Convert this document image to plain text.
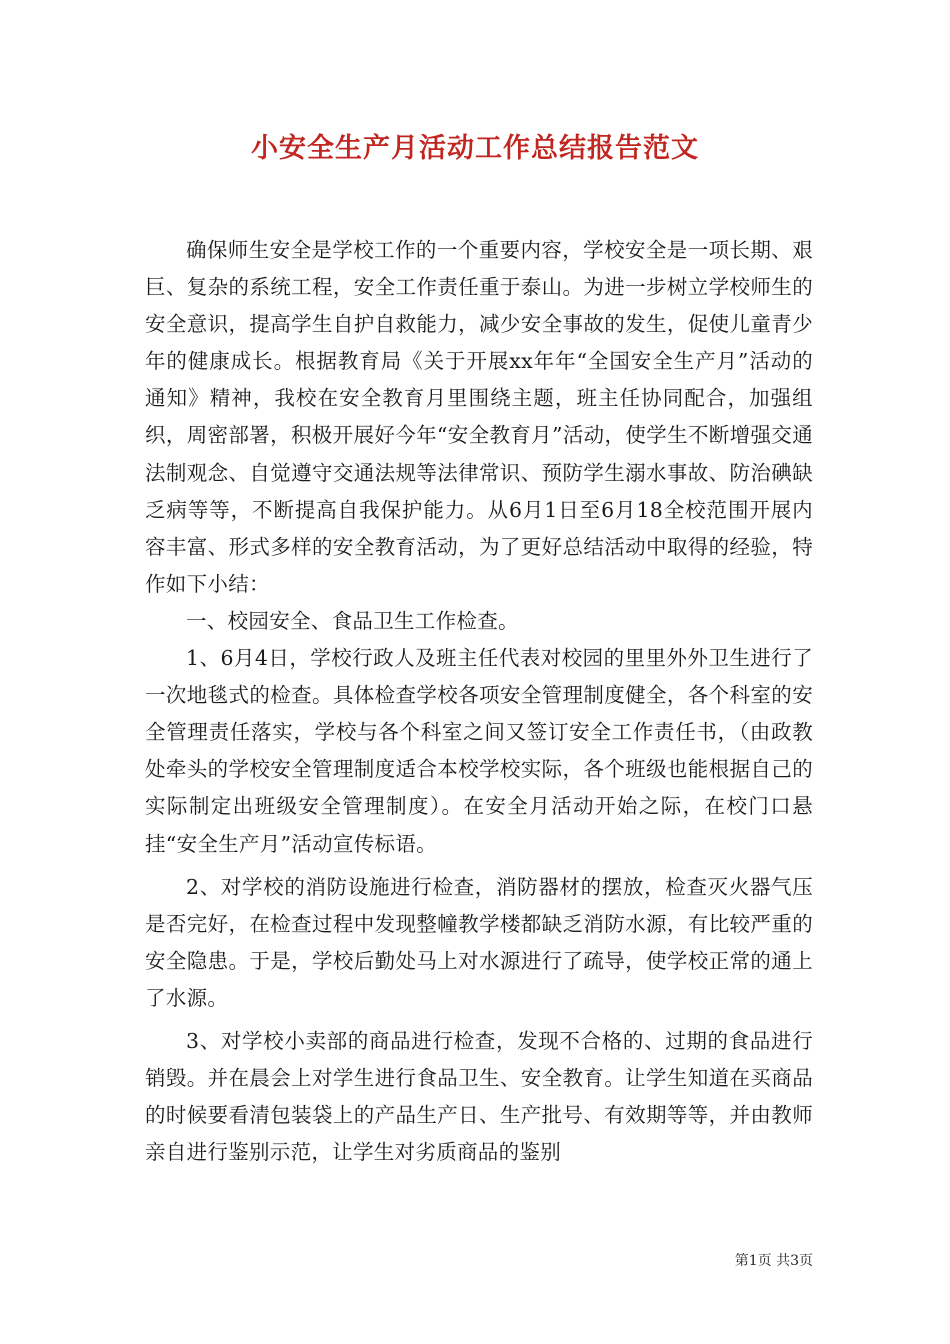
小安全生产月活动工作总结报告范文

确保师生安全是学校工作的一个重要内容，学校安全是一项长期、艰巨、复杂的系统工程，安全工作责任重于泰山。为进一步树立学校师生的安全意识，提高学生自护自救能力，减少安全事故的发生，促使儿童青少年的健康成长。根据教育局《关于开展xx年年“全国安全生产月”活动的通知》精神，我校在安全教育月里围绕主题，班主任协同配合，加强组织，周密部署，积极开展好今年“安全教育月”活动，使学生不断增强交通法制观念、自觉遵守交通法规等法律常识、预防学生溺水事故、防治碘缺乏病等等，不断提高自我保护能力。从6月1日至6月18全校范围开展内容丰富、形式多样的安全教育活动，为了更好总结活动中取得的经验，特作如下小结：

一、校园安全、食品卫生工作检查。

1、6月4日，学校行政人及班主任代表对校园的里里外外卫生进行了一次地毯式的检查。具体检查学校各项安全管理制度健全，各个科室的安全管理责任落实，学校与各个科室之间又签订安全工作责任书，（由政教处牵头的学校安全管理制度适合本校学校实际，各个班级也能根据自己的实际制定出班级安全管理制度）。在安全月活动开始之际，在校门口悬挂“安全生产月”活动宣传标语。

2、对学校的消防设施进行检查，消防器材的摆放，检查灭火器气压是否完好，在检查过程中发现整幢教学楼都缺乏消防水源，有比较严重的安全隐患。于是，学校后勤处马上对水源进行了疏导，使学校正常的通上了水源。

3、对学校小卖部的商品进行检查，发现不合格的、过期的食品进行销毁。并在晨会上对学生进行食品卫生、安全教育。让学生知道在买商品的时候要看清包装袋上的产品生产日、生产批号、有效期等等，并由教师亲自进行鉴别示范，让学生对劣质商品的鉴别

第1页 共3页
